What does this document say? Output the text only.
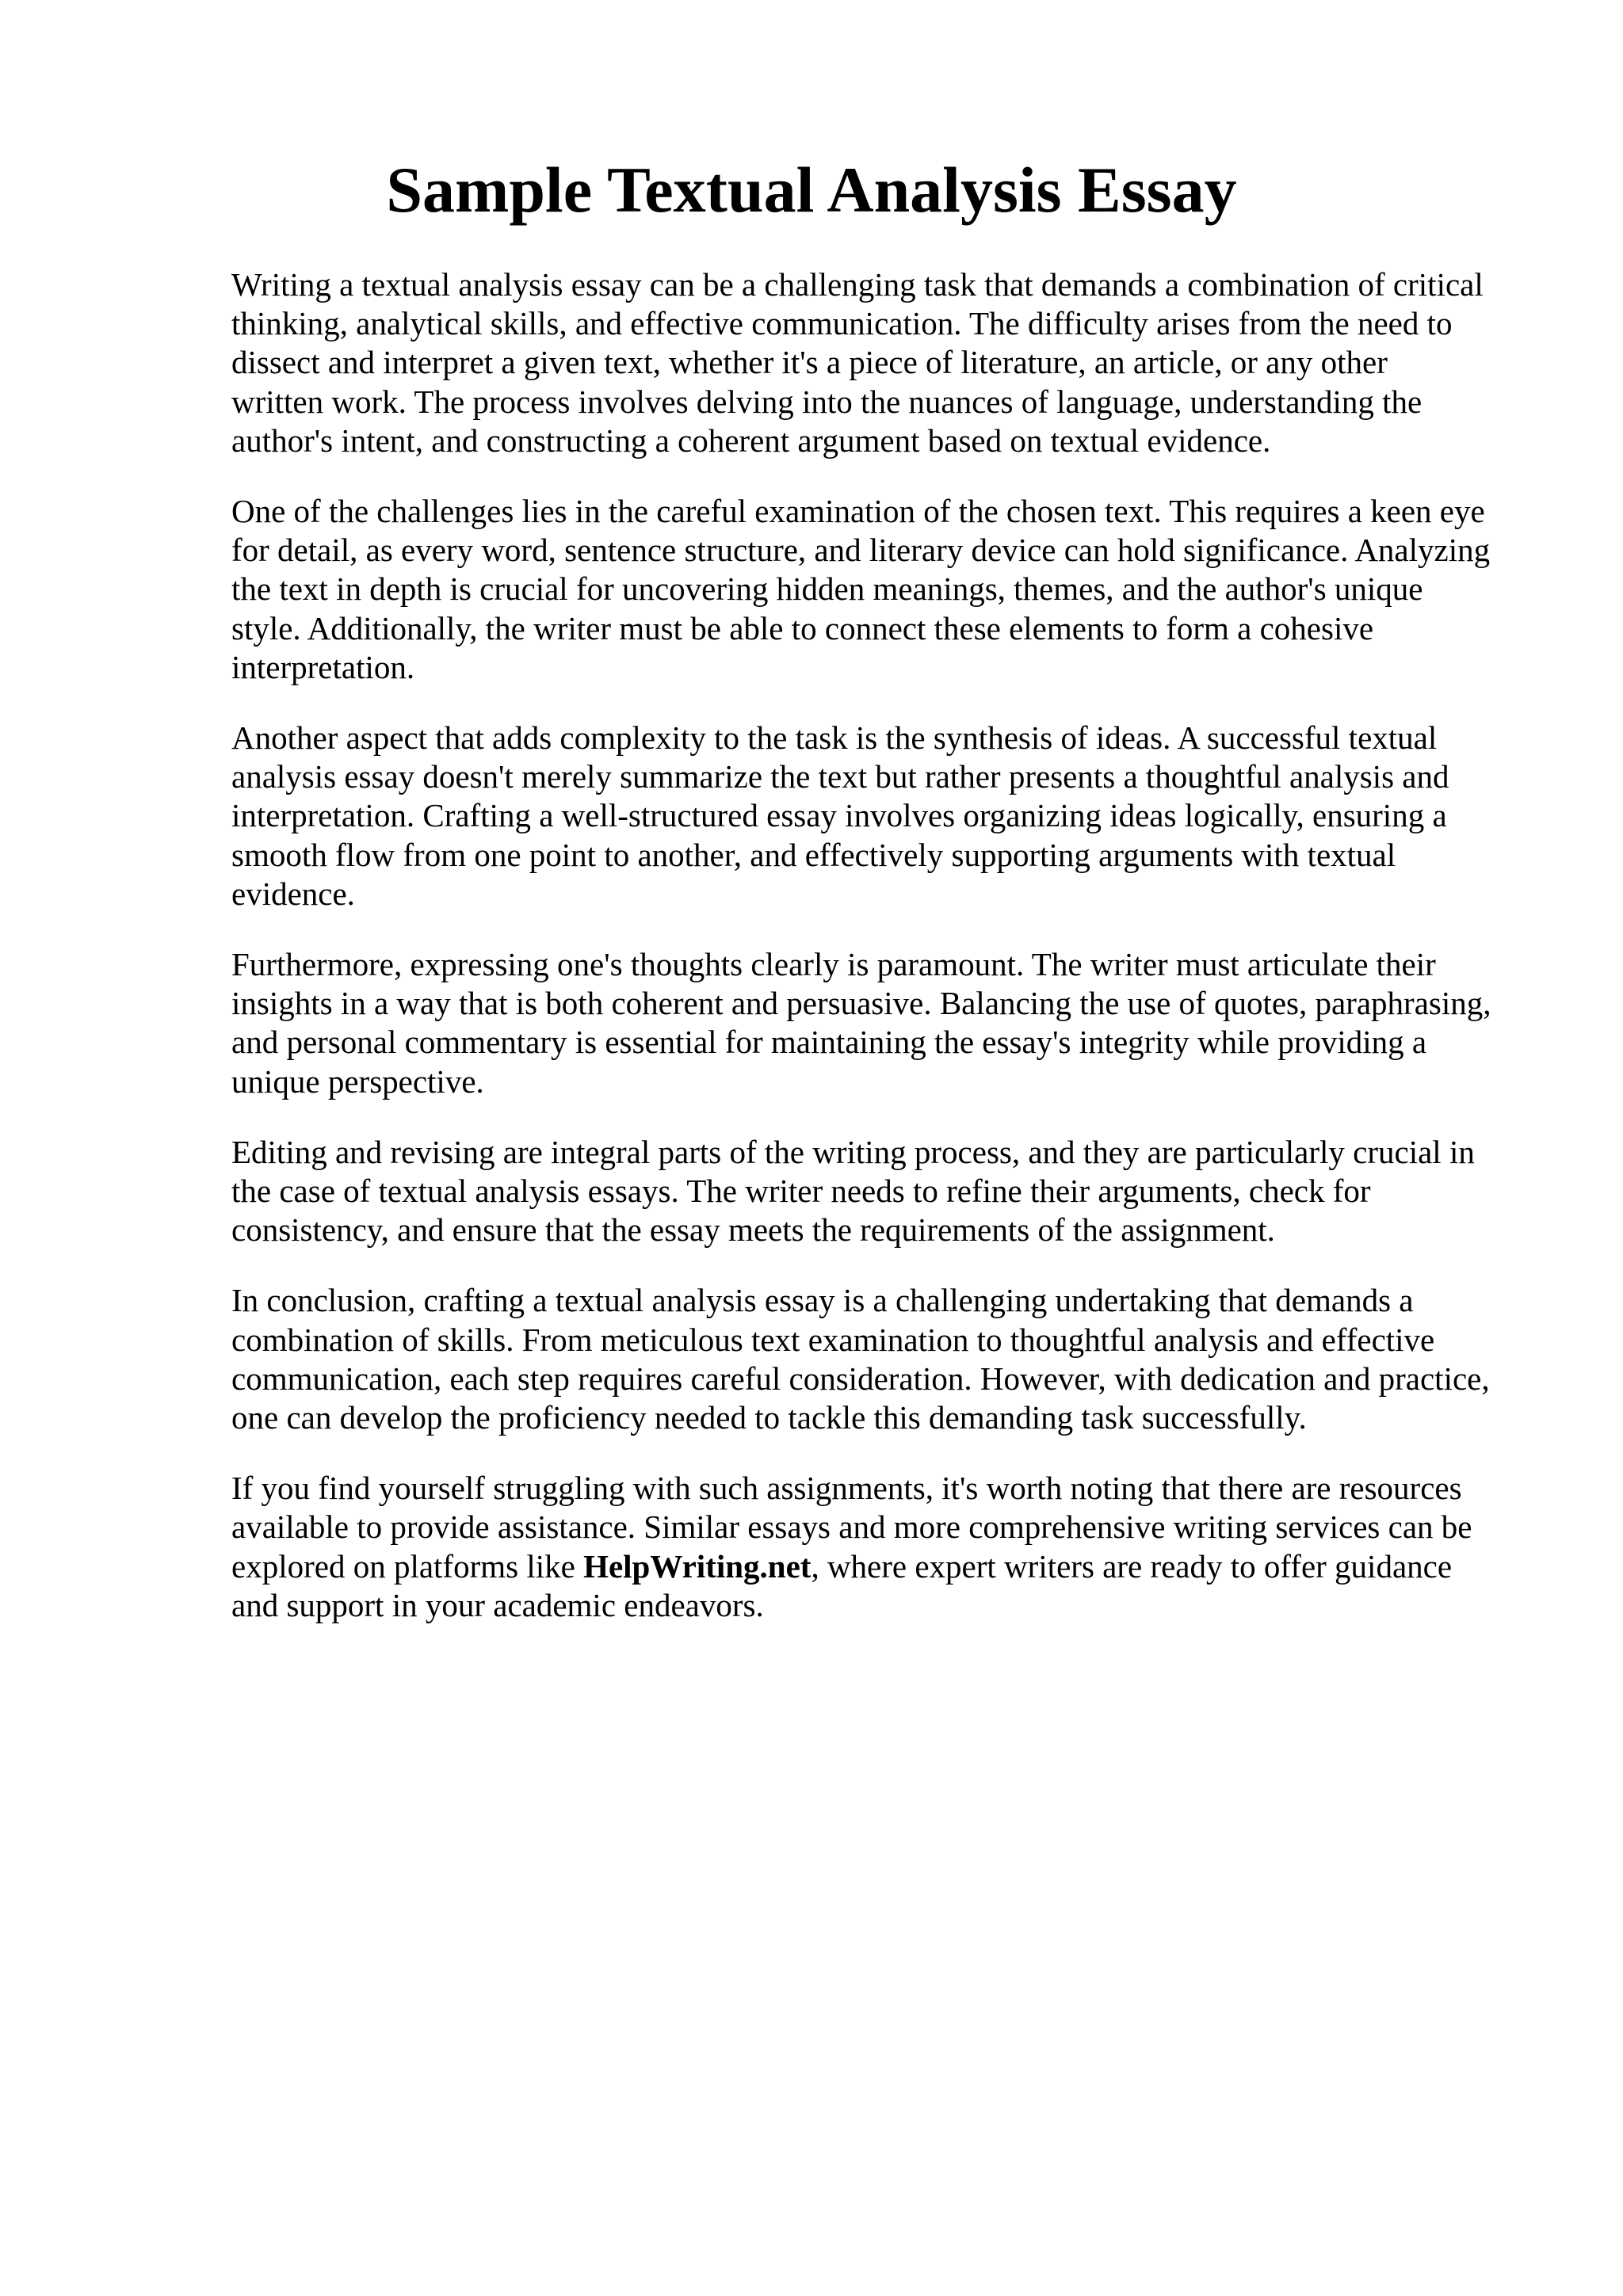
Sample Textual Analysis Essay

Writing a textual analysis essay can be a challenging task that demands a combination of critical
thinking, analytical skills, and effective communication. The difficulty arises from the need to
dissect and interpret a given text, whether it's a piece of literature, an article, or any other
written work. The process involves delving into the nuances of language, understanding the
author's intent, and constructing a coherent argument based on textual evidence.

One of the challenges lies in the careful examination of the chosen text. This requires a keen eye
for detail, as every word, sentence structure, and literary device can hold significance. Analyzing
the text in depth is crucial for uncovering hidden meanings, themes, and the author's unique
style. Additionally, the writer must be able to connect these elements to form a cohesive
interpretation.

Another aspect that adds complexity to the task is the synthesis of ideas. A successful textual
analysis essay doesn't merely summarize the text but rather presents a thoughtful analysis and
interpretation. Crafting a well-structured essay involves organizing ideas logically, ensuring a
smooth flow from one point to another, and effectively supporting arguments with textual
evidence.

Furthermore, expressing one's thoughts clearly is paramount. The writer must articulate their
insights in a way that is both coherent and persuasive. Balancing the use of quotes, paraphrasing,
and personal commentary is essential for maintaining the essay's integrity while providing a
unique perspective.

Editing and revising are integral parts of the writing process, and they are particularly crucial in
the case of textual analysis essays. The writer needs to refine their arguments, check for
consistency, and ensure that the essay meets the requirements of the assignment.

In conclusion, crafting a textual analysis essay is a challenging undertaking that demands a
combination of skills. From meticulous text examination to thoughtful analysis and effective
communication, each step requires careful consideration. However, with dedication and practice,
one can develop the proficiency needed to tackle this demanding task successfully.

If you find yourself struggling with such assignments, it's worth noting that there are resources
available to provide assistance. Similar essays and more comprehensive writing services can be
explored on platforms like HelpWriting.net, where expert writers are ready to offer guidance
and support in your academic endeavors.
